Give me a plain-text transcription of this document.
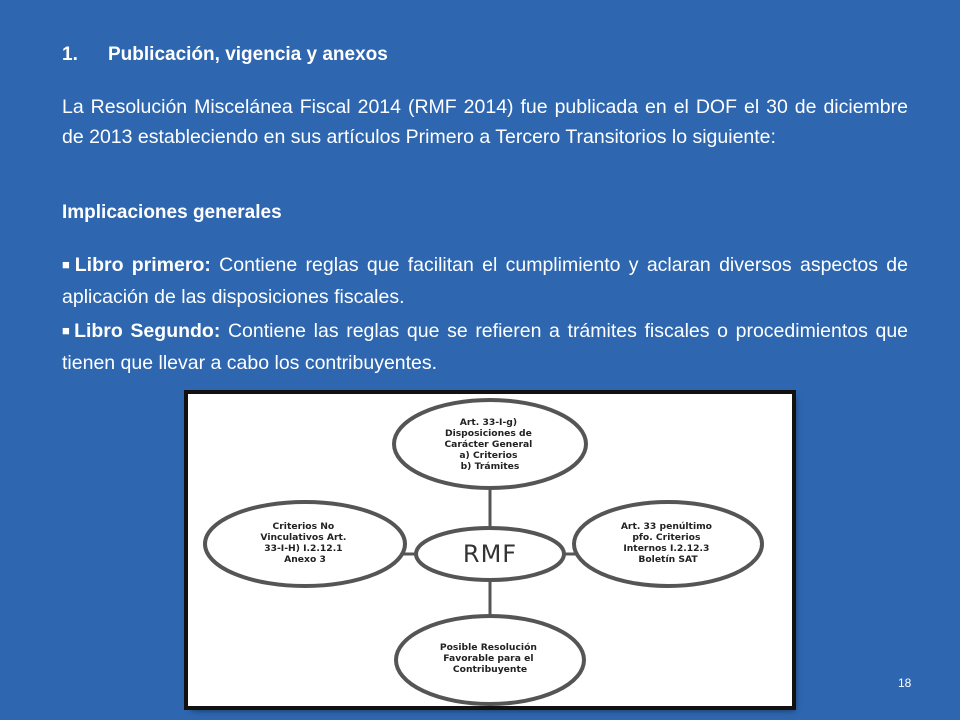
1. Publicación, vigencia y anexos
La Resolución Miscelánea Fiscal 2014 (RMF 2014) fue publicada en el DOF el 30 de diciembre de 2013 estableciendo en sus artículos Primero a Tercero Transitorios lo siguiente:
Implicaciones generales
■ Libro primero: Contiene reglas que facilitan el cumplimiento y aclaran diversos aspectos de aplicación de las disposiciones fiscales.
■ Libro Segundo: Contiene las reglas que se refieren a trámites fiscales o procedimientos que tienen que llevar a cabo los contribuyentes.
RMF
Art. 33-I-g) Disposiciones de Carácter General a) Criterios b) Trámites
Criterios No Vinculativos Art. 33-I-H) I.2.12.1 Anexo 3
Art. 33 penúltimo pfo. Criterios Internos I.2.12.3 Boletín SAT
Posible Resolución Favorable para el Contribuyente
18
